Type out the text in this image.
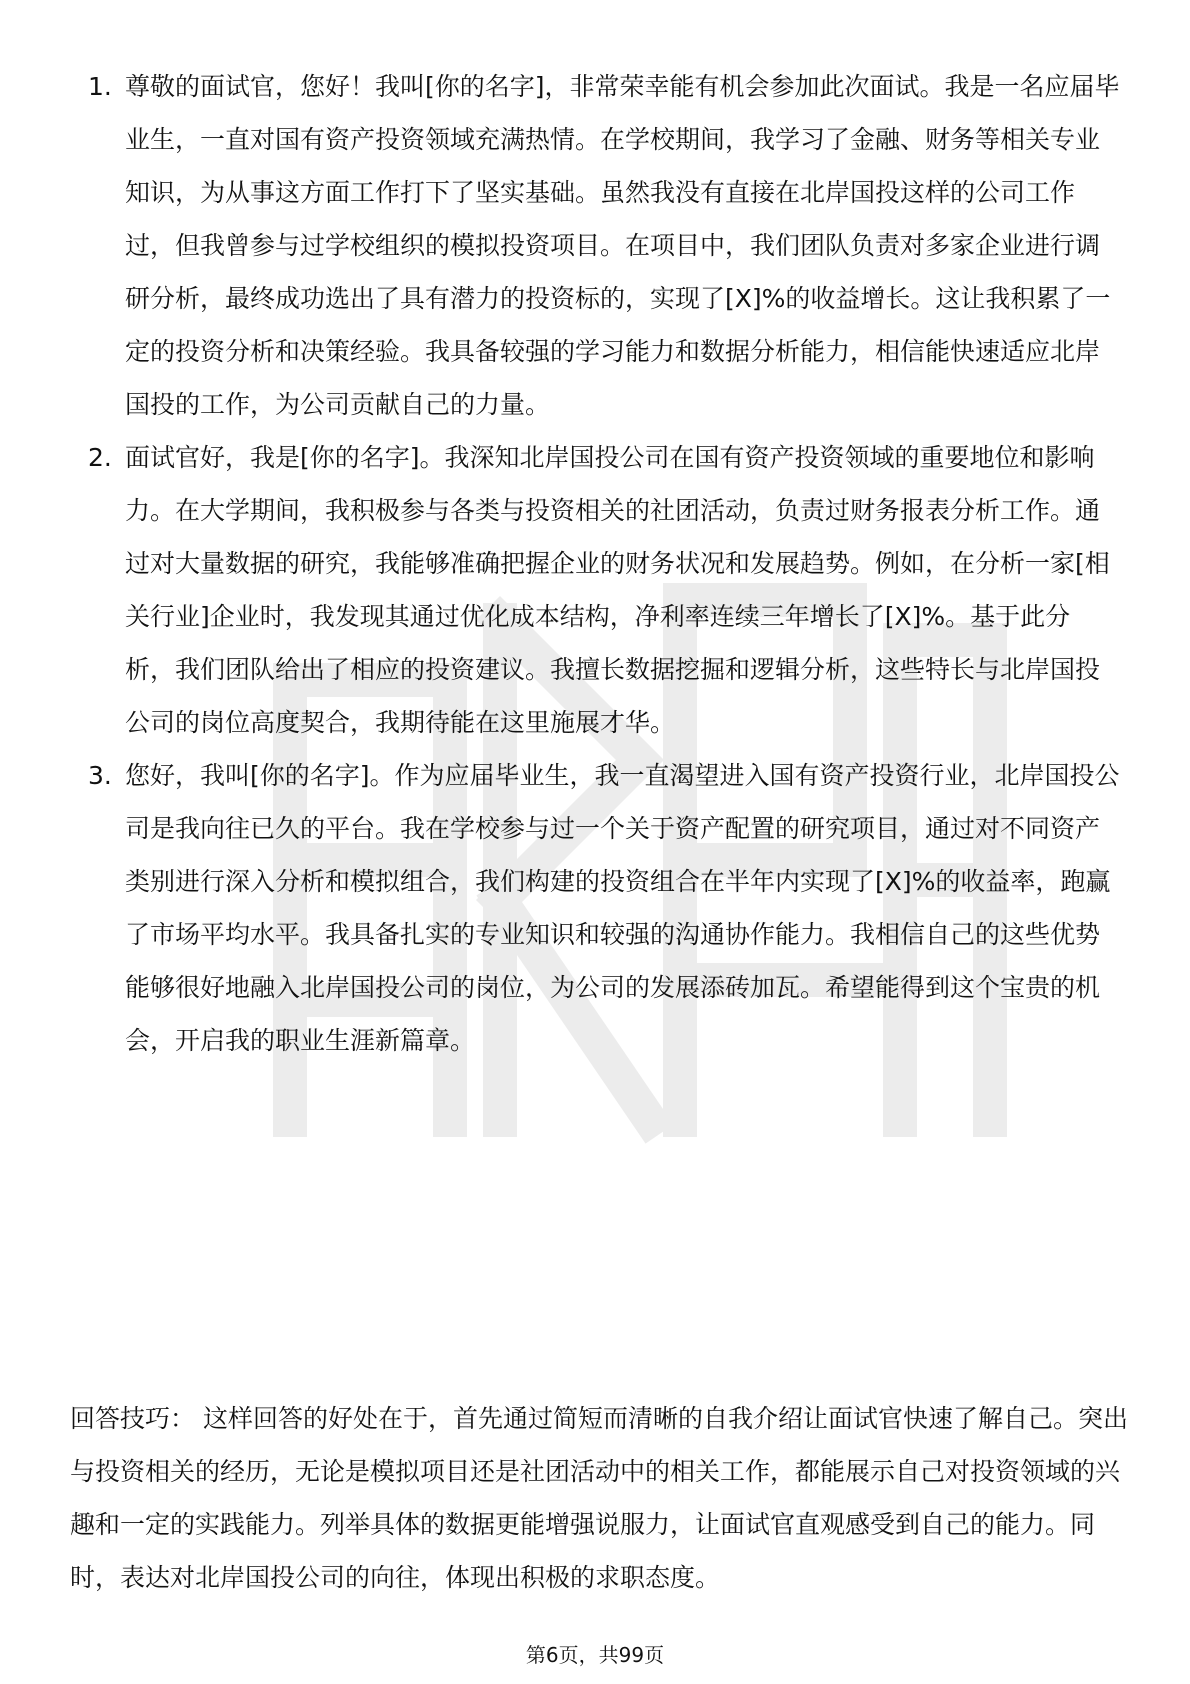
1. 尊敬的面试官，您好！我叫[你的名字]，非常荣幸能有机会参加此次面试。我是一名应届毕业生，一直对国有资产投资领域充满热情。在学校期间，我学习了金融、财务等相关专业知识，为从事这方面工作打下了坚实基础。虽然我没有直接在北岸国投这样的公司工作过，但我曾参与过学校组织的模拟投资项目。在项目中，我们团队负责对多家企业进行调研分析，最终成功选出了具有潜力的投资标的，实现了[X]%的收益增长。这让我积累了一定的投资分析和决策经验。我具备较强的学习能力和数据分析能力，相信能快速适应北岸国投的工作，为公司贡献自己的力量。
2. 面试官好，我是[你的名字]。我深知北岸国投公司在国有资产投资领域的重要地位和影响力。在大学期间，我积极参与各类与投资相关的社团活动，负责过财务报表分析工作。通过对大量数据的研究，我能够准确把握企业的财务状况和发展趋势。例如，在分析一家[相关行业]企业时，我发现其通过优化成本结构，净利率连续三年增长了[X]%。基于此分析，我们团队给出了相应的投资建议。我擅长数据挖掘和逻辑分析，这些特长与北岸国投公司的岗位高度契合，我期待能在这里施展才华。
3. 您好，我叫[你的名字]。作为应届毕业生，我一直渴望进入国有资产投资行业，北岸国投公司是我向往已久的平台。我在学校参与过一个关于资产配置的研究项目，通过对不同资产类别进行深入分析和模拟组合，我们构建的投资组合在半年内实现了[X]%的收益率，跑赢了市场平均水平。我具备扎实的专业知识和较强的沟通协作能力。我相信自己的这些优势能够很好地融入北岸国投公司的岗位，为公司的发展添砖加瓦。希望能得到这个宝贵的机会，开启我的职业生涯新篇章。

回答技巧： 这样回答的好处在于，首先通过简短而清晰的自我介绍让面试官快速了解自己。突出与投资相关的经历，无论是模拟项目还是社团活动中的相关工作，都能展示自己对投资领域的兴趣和一定的实践能力。列举具体的数据更能增强说服力，让面试官直观感受到自己的能力。同时，表达对北岸国投公司的向往，体现出积极的求职态度。

第6页，共99页
